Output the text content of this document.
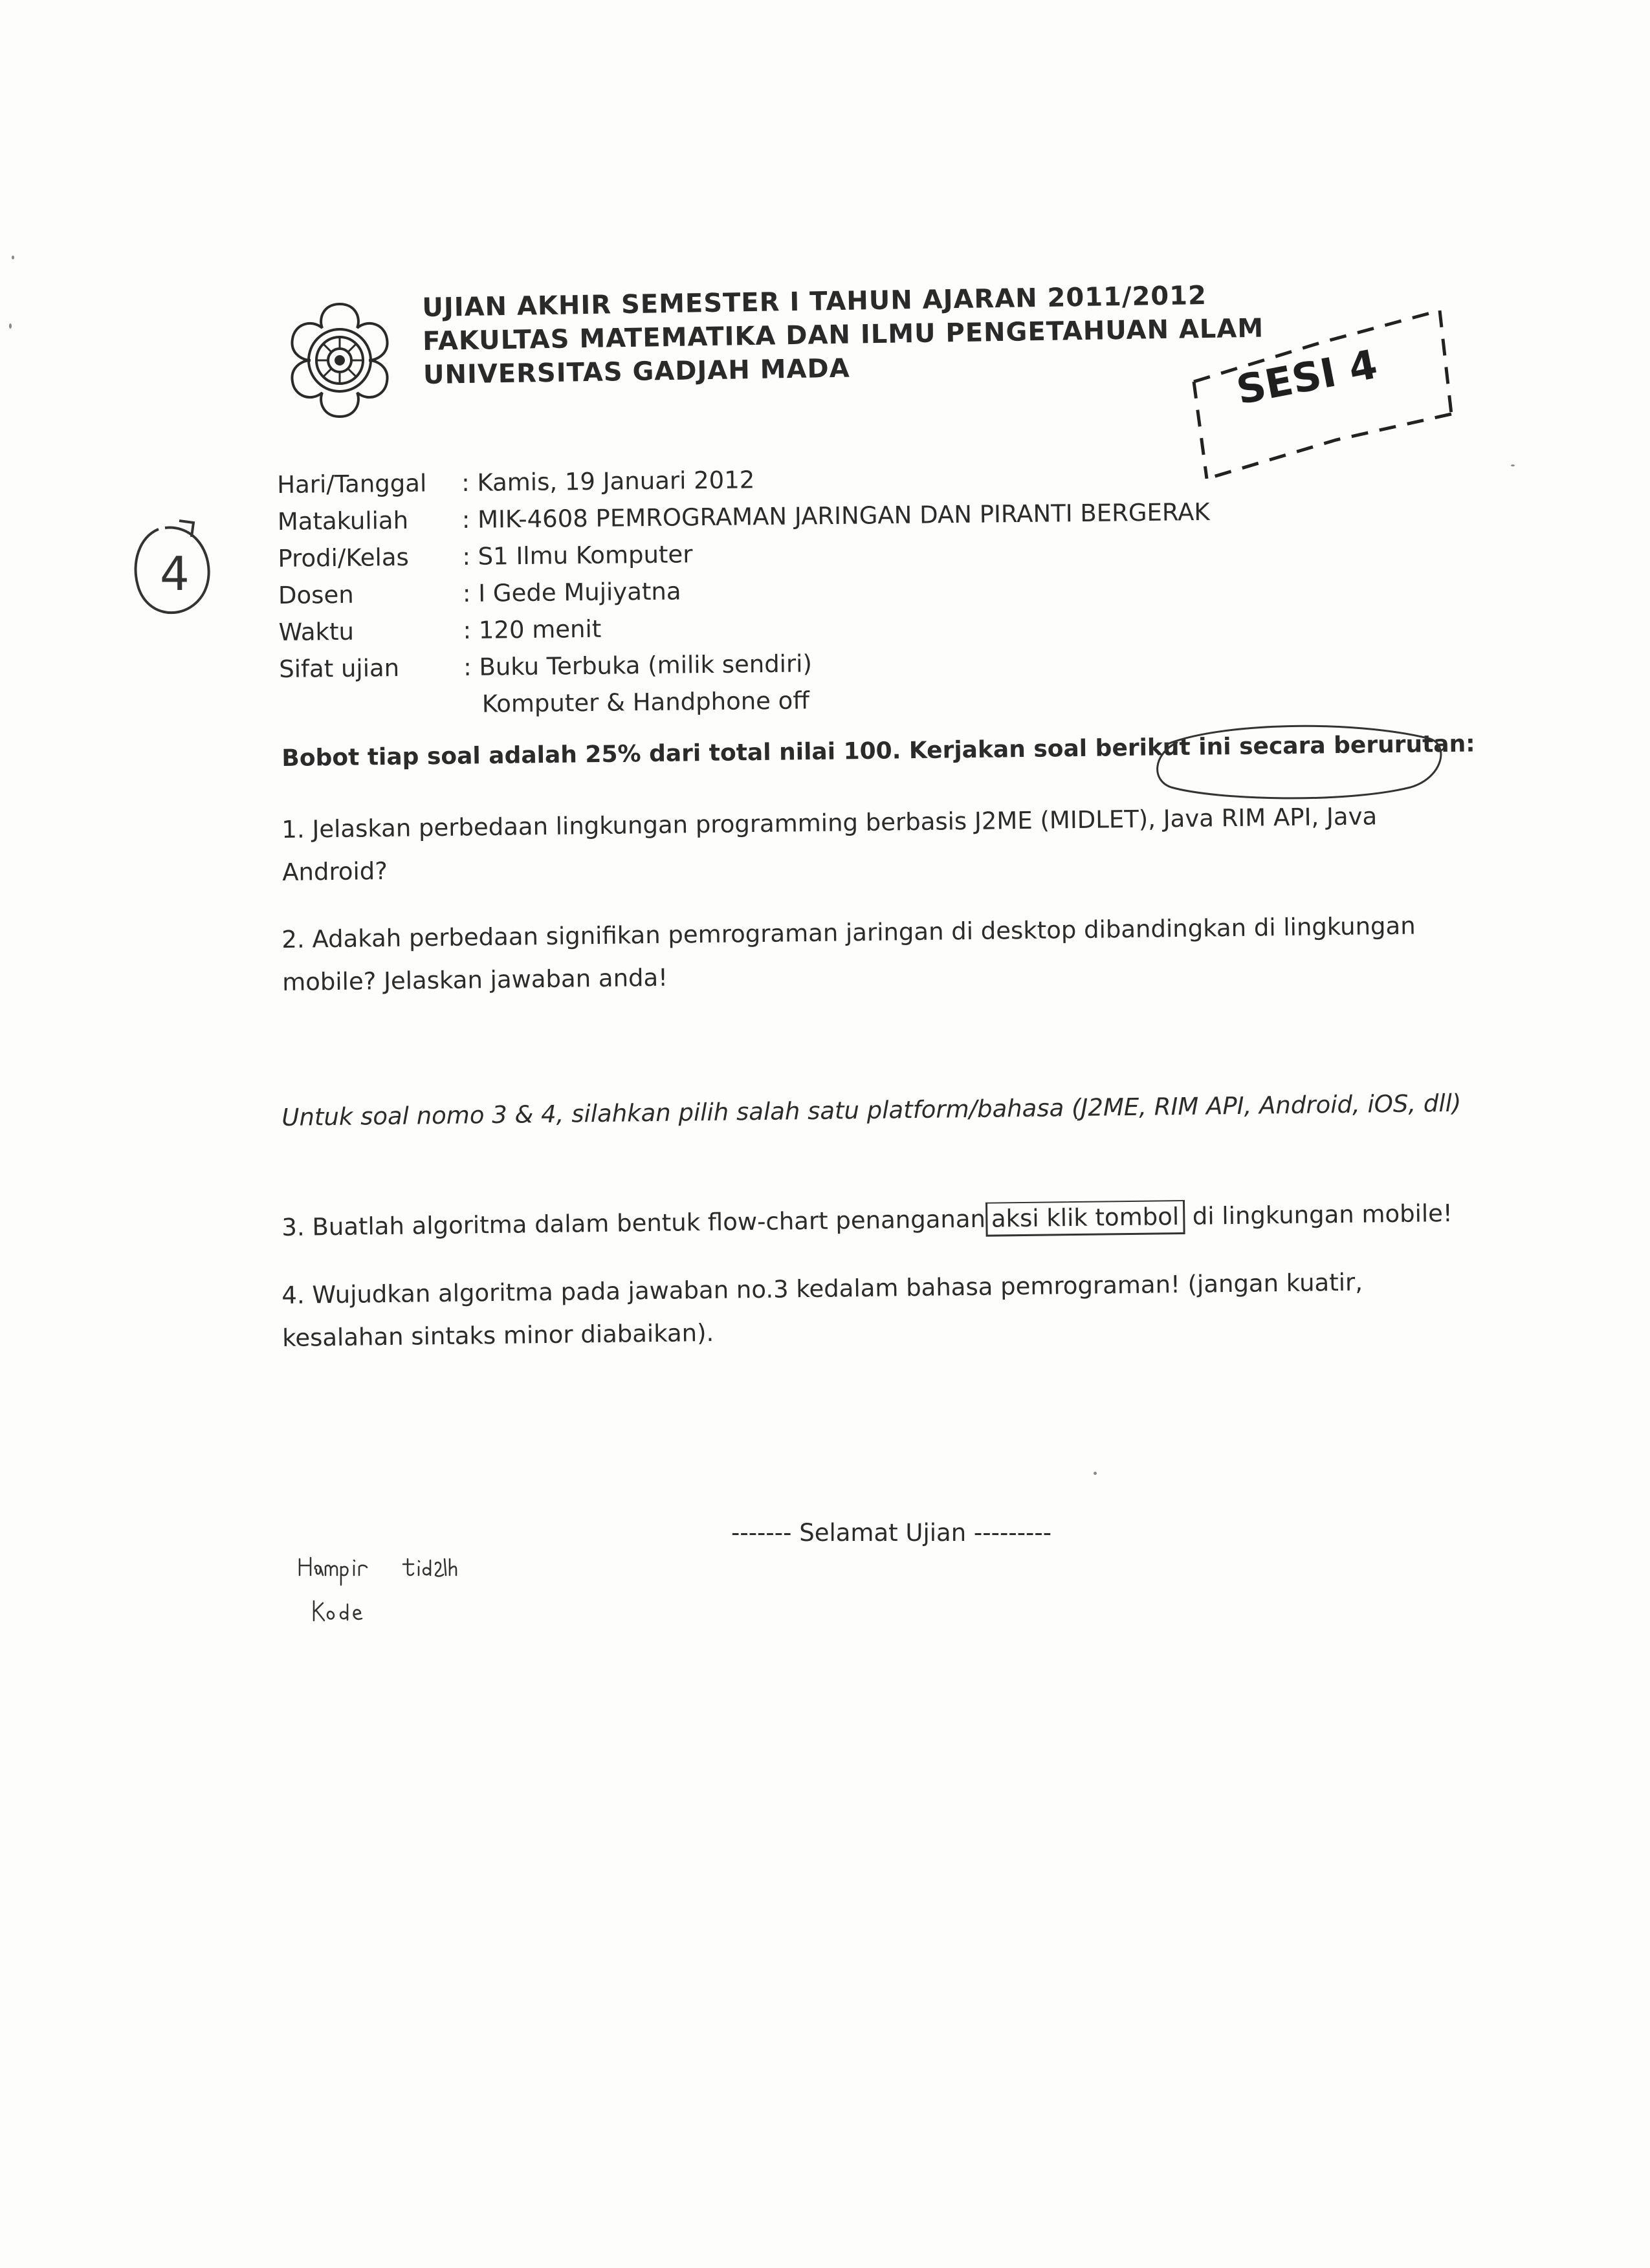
UJIAN AKHIR SEMESTER I TAHUN AJARAN 2011/2012
FAKULTAS MATEMATIKA DAN ILMU PENGETAHUAN ALAM
UNIVERSITAS GADJAH MADA	SESI 4
4
Hari/Tanggal	: Kamis, 19 Januari 2012
Matakuliah	: MIK-4608 PEMROGRAMAN JARINGAN DAN PIRANTI BERGERAK
Prodi/Kelas	: S1 Ilmu Komputer
Dosen	: I Gede Mujiyatna
Waktu	: 120 menit
Sifat ujian	: Buku Terbuka (milik sendiri)
Komputer & Handphone off
Bobot tiap soal adalah 25% dari total nilai 100. Kerjakan soal berikut ini secara berurutan:
1. Jelaskan perbedaan lingkungan programming berbasis J2ME (MIDLET), Java RIM API, Java Android?
2. Adakah perbedaan signifikan pemrograman jaringan di desktop dibandingkan di lingkungan mobile? Jelaskan jawaban anda!
Untuk soal nomo 3 & 4, silahkan pilih salah satu platform/bahasa (J2ME, RIM API, Android, iOS, dll)
3. Buatlah algoritma dalam bentuk flow-chart penanganan aksi klik tombol di lingkungan mobile!
4. Wujudkan algoritma pada jawaban no.3 kedalam bahasa pemrograman! (jangan kuatir, kesalahan sintaks minor diabaikan).
------- Selamat Ujian ---------
